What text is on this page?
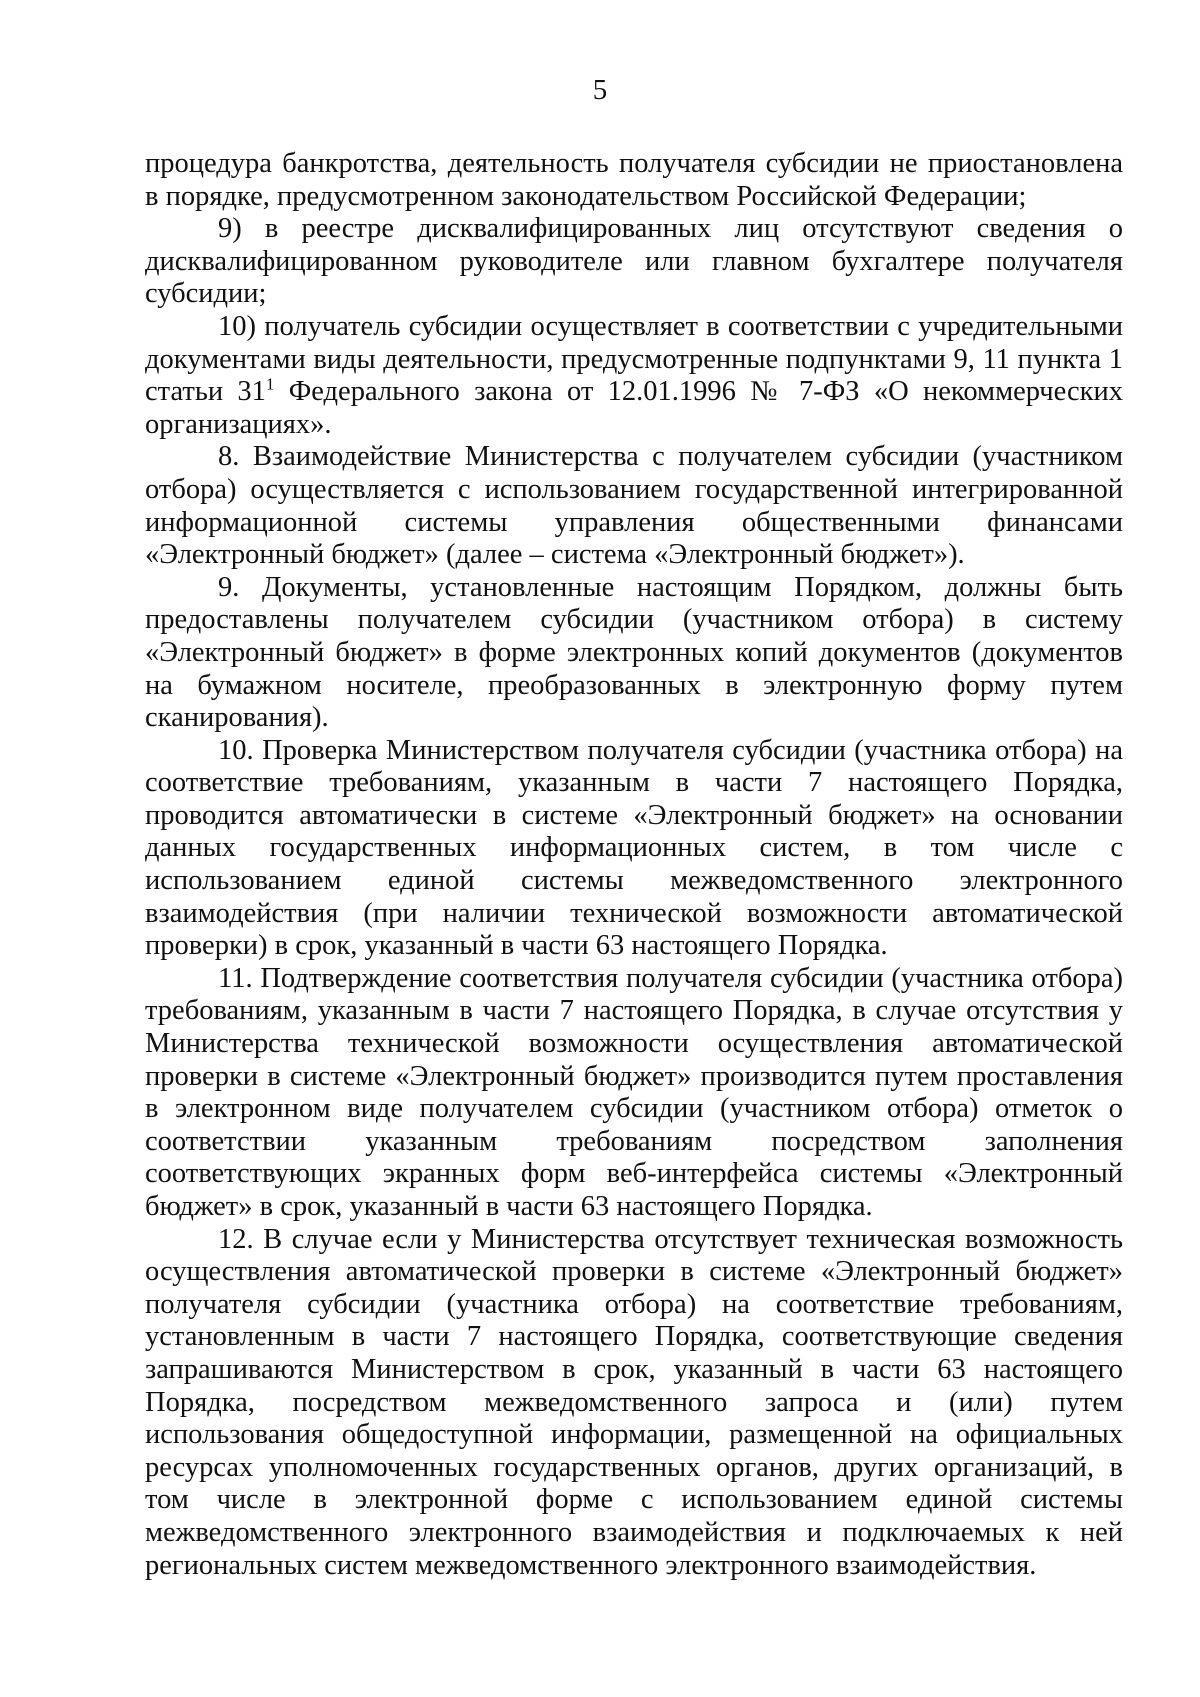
5

процедура банкротства, деятельность получателя субсидии не приостановлена в порядке, предусмотренном законодательством Российской Федерации;

9) в реестре дисквалифицированных лиц отсутствуют сведения о дисквалифицированном руководителе или главном бухгалтере получателя субсидии;

10) получатель субсидии осуществляет в соответствии с учредительными документами виды деятельности, предусмотренные подпунктами 9, 11 пункта 1 статьи $31^1$ Федерального закона от 12.01.1996 № 7-ФЗ «О некоммерческих организациях».

8. Взаимодействие Министерства с получателем субсидии (участником отбора) осуществляется с использованием государственной интегрированной информационной системы управления общественными финансами «Электронный бюджет» (далее – система «Электронный бюджет»).

9. Документы, установленные настоящим Порядком, должны быть предоставлены получателем субсидии (участником отбора) в систему «Электронный бюджет» в форме электронных копий документов (документов на бумажном носителе, преобразованных в электронную форму путем сканирования).

10. Проверка Министерством получателя субсидии (участника отбора) на соответствие требованиям, указанным в части 7 настоящего Порядка, проводится автоматически в системе «Электронный бюджет» на основании данных государственных информационных систем, в том числе с использованием единой системы межведомственного электронного взаимодействия (при наличии технической возможности автоматической проверки) в срок, указанный в части 63 настоящего Порядка.

11. Подтверждение соответствия получателя субсидии (участника отбора) требованиям, указанным в части 7 настоящего Порядка, в случае отсутствия у Министерства технической возможности осуществления автоматической проверки в системе «Электронный бюджет» производится путем проставления в электронном виде получателем субсидии (участником отбора) отметок о соответствии указанным требованиям посредством заполнения соответствующих экранных форм веб-интерфейса системы «Электронный бюджет» в срок, указанный в части 63 настоящего Порядка.

12. В случае если у Министерства отсутствует техническая возможность осуществления автоматической проверки в системе «Электронный бюджет» получателя субсидии (участника отбора) на соответствие требованиям, установленным в части 7 настоящего Порядка, соответствующие сведения запрашиваются Министерством в срок, указанный в части 63 настоящего Порядка, посредством межведомственного запроса и (или) путем использования общедоступной информации, размещенной на официальных ресурсах уполномоченных государственных органов, других организаций, в том числе в электронной форме с использованием единой системы межведомственного электронного взаимодействия и подключаемых к ней региональных систем межведомственного электронного взаимодействия.
